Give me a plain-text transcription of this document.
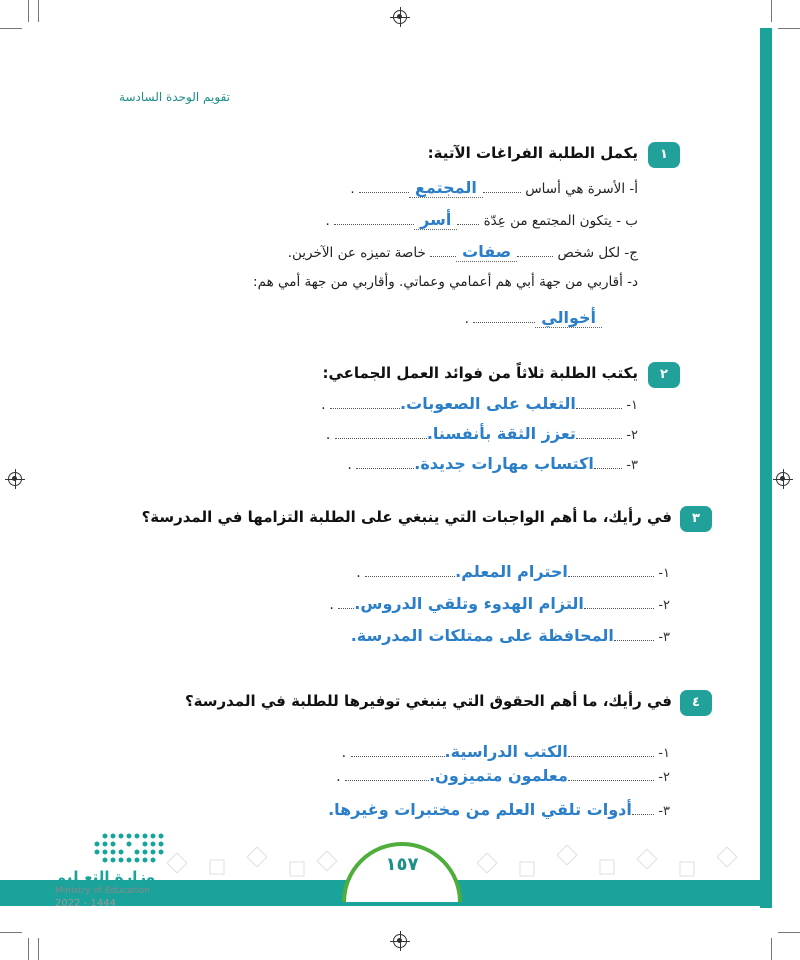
تقويم الوحدة السادسة
١
يكمل الطلبة الفراغات الآتية:
أ- الأسرة هي أساس المجتمع .
ب - يتكون المجتمع من عِدّة أسر .
ج- لكل شخص صفات خاصة تميزه عن الآخرين.
د- أقاربي من جهة أبي هم أعمامي وعماتي. وأقاربي من جهة أمي هم:
أخوالي .
٢
يكتب الطلبة ثلاثاً من فوائد العمل الجماعي:
١- التغلب على الصعوبات. .
٢- تعزز الثقة بأنفسنا. .
٣- اكتساب مهارات جديدة. .
٣
في رأيك، ما أهم الواجبات التي ينبغي على الطلبة التزامها في المدرسة؟
١- احترام المعلم. .
٢- التزام الهدوء وتلقي الدروس. .
٣- المحافظة على ممتلكات المدرسة.
٤
في رأيك، ما أهم الحقوق التي ينبغي توفيرها للطلبة في المدرسة؟
١- الكتب الدراسية. .
٢- معلمون متميزون. .
٣- أدوات تلقي العلم من مختبرات وغيرها.
١٥٧
وزارة التعـليم
Ministry of Education
2022 - 1444
